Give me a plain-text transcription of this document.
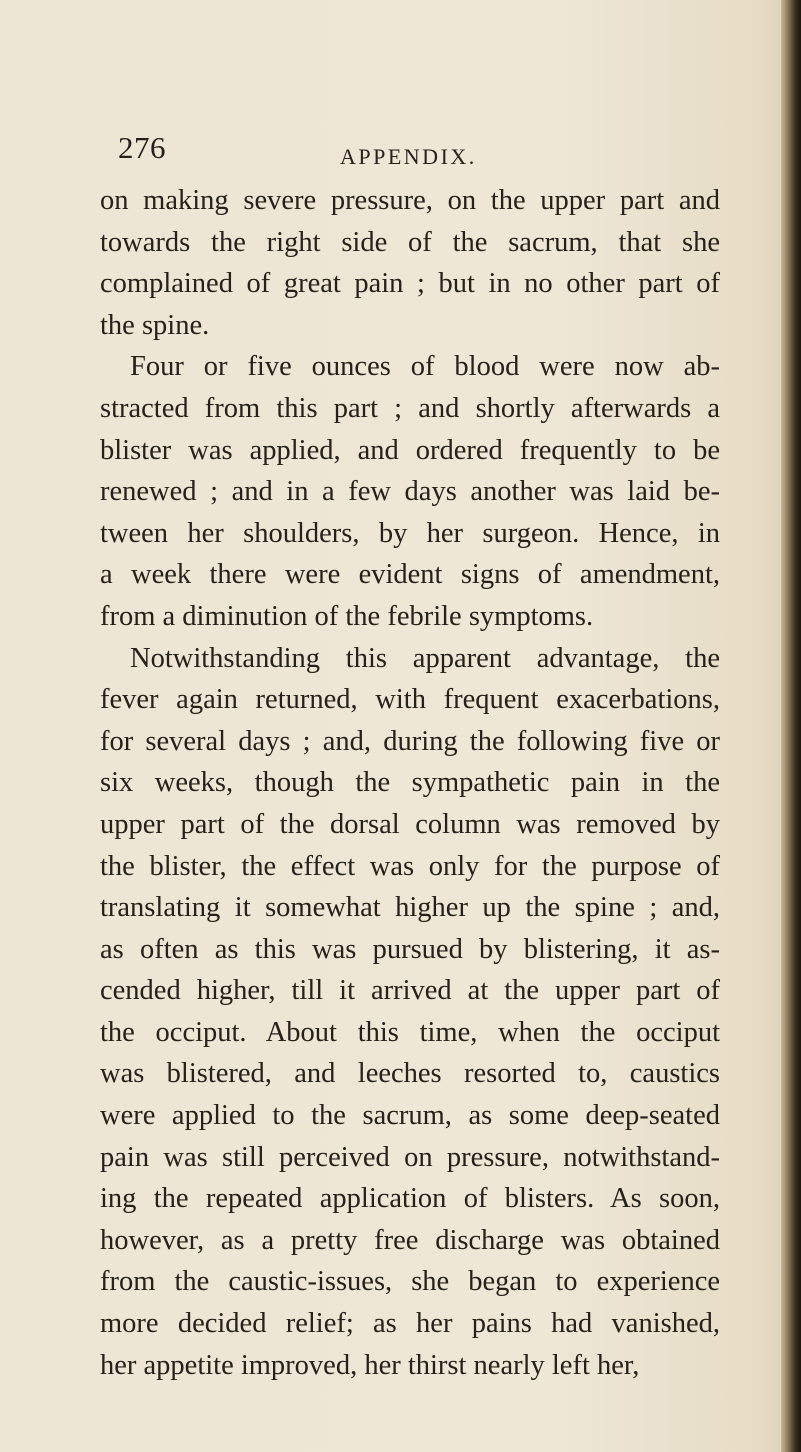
276	APPENDIX.
on making severe pressure, on the upper part and
towards the right side of the sacrum, that she
complained of great pain ; but in no other part of
the spine.
Four or five ounces of blood were now ab-
stracted from this part ; and shortly afterwards a
blister was applied, and ordered frequently to be
renewed ; and in a few days another was laid be-
tween her shoulders, by her surgeon. Hence, in
a week there were evident signs of amendment,
from a diminution of the febrile symptoms.
Notwithstanding this apparent advantage, the
fever again returned, with frequent exacerbations,
for several days ; and, during the following five or
six weeks, though the sympathetic pain in the
upper part of the dorsal column was removed by
the blister, the effect was only for the purpose of
translating it somewhat higher up the spine ; and,
as often as this was pursued by blistering, it as-
cended higher, till it arrived at the upper part of
the occiput. About this time, when the occiput
was blistered, and leeches resorted to, caustics
were applied to the sacrum, as some deep-seated
pain was still perceived on pressure, notwithstand-
ing the repeated application of blisters. As soon,
however, as a pretty free discharge was obtained
from the caustic-issues, she began to experience
more decided relief; as her pains had vanished,
her appetite improved, her thirst nearly left her,
